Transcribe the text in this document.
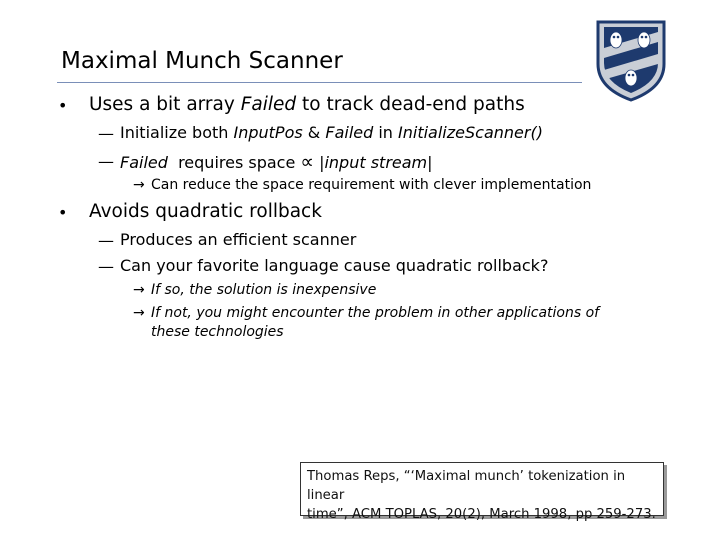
Maximal Munch Scanner
• Uses a bit array Failed to track dead-end paths
— Initialize both InputPos & Failed in InitializeScanner()
— Failed  requires space ∝ |input stream|
→ Can reduce the space requirement with clever implementation
• Avoids quadratic rollback
— Produces an efficient scanner
— Can your favorite language cause quadratic rollback?
→ If so, the solution is inexpensive
→ If not, you might encounter the problem in other applications of
these technologies
Thomas Reps, “‘Maximal munch’ tokenization in linear
time”, ACM TOPLAS, 20(2), March 1998, pp 259-273.
